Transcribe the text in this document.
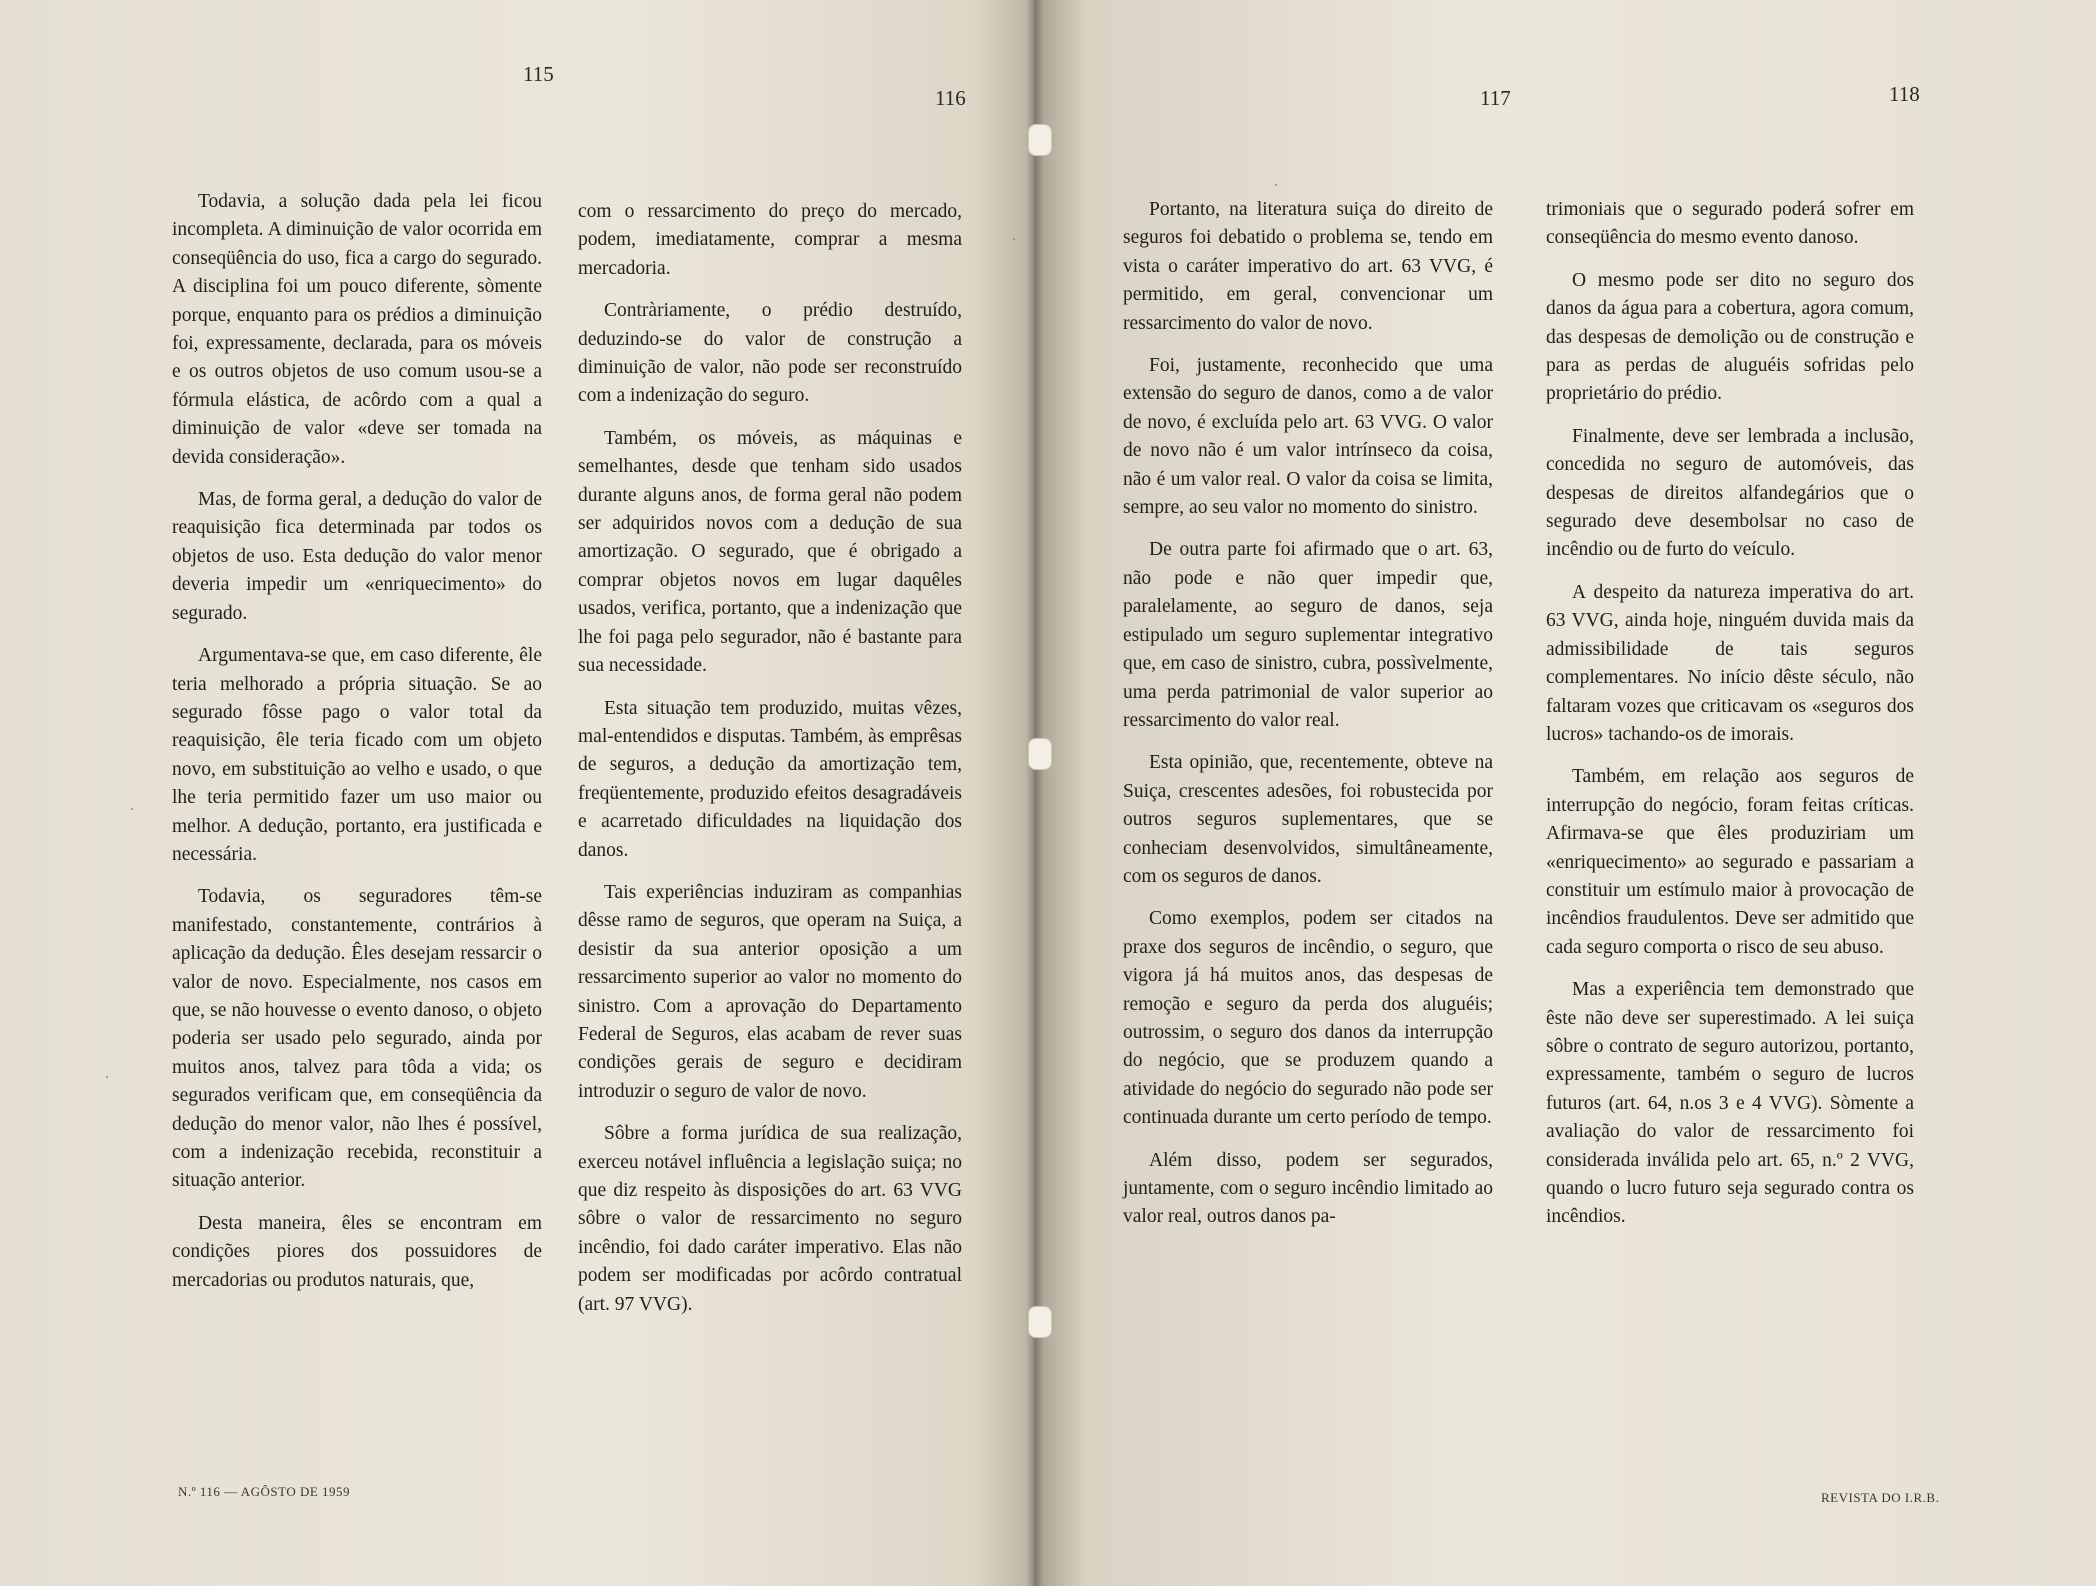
115
116

Todavia, a solução dada pela lei ficou incompleta. A diminuição de valor ocorrida em conseqüência do uso, fica a cargo do segurado. A disciplina foi um pouco diferente, sòmente porque, enquanto para os prédios a diminuição foi, expressamente, declarada, para os móveis e os outros objetos de uso comum usou-se a fórmula elástica, de acôrdo com a qual a diminuição de valor «deve ser tomada na devida consideração».

Mas, de forma geral, a dedução do valor de reaquisição fica determinada par todos os objetos de uso. Esta dedução do valor menor deveria impedir um «enriquecimento» do segurado.

Argumentava-se que, em caso diferente, êle teria melhorado a própria situação. Se ao segurado fôsse pago o valor total da reaquisição, êle teria ficado com um objeto novo, em substituição ao velho e usado, o que lhe teria permitido fazer um uso maior ou melhor. A dedução, portanto, era justificada e necessária.

Todavia, os seguradores têm-se manifestado, constantemente, contrários à aplicação da dedução. Êles desejam ressarcir o valor de novo. Especialmente, nos casos em que, se não houvesse o evento danoso, o objeto poderia ser usado pelo segurado, ainda por muitos anos, talvez para tôda a vida; os segurados verificam que, em conseqüência da dedução do menor valor, não lhes é possível, com a indenização recebida, reconstituir a situação anterior.

Desta maneira, êles se encontram em condições piores dos possuidores de mercadorias ou produtos naturais, que,

com o ressarcimento do preço do mercado, podem, imediatamente, comprar a mesma mercadoria.

Contràriamente, o prédio destruído, deduzindo-se do valor de construção a diminuição de valor, não pode ser reconstruído com a indenização do seguro.

Também, os móveis, as máquinas e semelhantes, desde que tenham sido usados durante alguns anos, de forma geral não podem ser adquiridos novos com a dedução de sua amortização. O segurado, que é obrigado a comprar objetos novos em lugar daquêles usados, verifica, portanto, que a indenização que lhe foi paga pelo segurador, não é bastante para sua necessidade.

Esta situação tem produzido, muitas vêzes, mal-entendidos e disputas. Também, às emprêsas de seguros, a dedução da amortização tem, freqüentemente, produzido efeitos desagradáveis e acarretado dificuldades na liquidação dos danos.

Tais experiências induziram as companhias dêsse ramo de seguros, que operam na Suiça, a desistir da sua anterior oposição a um ressarcimento superior ao valor no momento do sinistro. Com a aprovação do Departamento Federal de Seguros, elas acabam de rever suas condições gerais de seguro e decidiram introduzir o seguro de valor de novo.

Sôbre a forma jurídica de sua realização, exerceu notável influência a legislação suiça; no que diz respeito às disposições do art. 63 VVG sôbre o valor de ressarcimento no seguro incêndio, foi dado caráter imperativo. Elas não podem ser modificadas por acôrdo contratual (art. 97 VVG).

·
·
·
N.º 116 — AGÔSTO DE 1959
117	118

Portanto, na literatura suiça do direito de seguros foi debatido o problema se, tendo em vista o caráter imperativo do art. 63 VVG, é permitido, em geral, convencionar um ressarcimento do valor de novo.

Foi, justamente, reconhecido que uma extensão do seguro de danos, como a de valor de novo, é excluída pelo art. 63 VVG. O valor de novo não é um valor intrínseco da coisa, não é um valor real. O valor da coisa se limita, sempre, ao seu valor no momento do sinistro.

De outra parte foi afirmado que o art. 63, não pode e não quer impedir que, paralelamente, ao seguro de danos, seja estipulado um seguro suplementar integrativo que, em caso de sinistro, cubra, possìvelmente, uma perda patrimonial de valor superior ao ressarcimento do valor real.

Esta opinião, que, recentemente, obteve na Suiça, crescentes adesões, foi robustecida por outros seguros suplementares, que se conheciam desenvolvidos, simultâneamente, com os seguros de danos.

Como exemplos, podem ser citados na praxe dos seguros de incêndio, o seguro, que vigora já há muitos anos, das despesas de remoção e seguro da perda dos aluguéis; outrossim, o seguro dos danos da interrupção do negócio, que se produzem quando a atividade do negócio do segurado não pode ser continuada durante um certo período de tempo.

Além disso, podem ser segurados, juntamente, com o seguro incêndio limitado ao valor real, outros danos pa-

trimoniais que o segurado poderá sofrer em conseqüência do mesmo evento danoso.

O mesmo pode ser dito no seguro dos danos da água para a cobertura, agora comum, das despesas de demolição ou de construção e para as perdas de aluguéis sofridas pelo proprietário do prédio.

Finalmente, deve ser lembrada a inclusão, concedida no seguro de automóveis, das despesas de direitos alfandegários que o segurado deve desembolsar no caso de incêndio ou de furto do veículo.

A despeito da natureza imperativa do art. 63 VVG, ainda hoje, ninguém duvida mais da admissibilidade de tais seguros complementares. No início dêste século, não faltaram vozes que criticavam os «seguros dos lucros» tachando-os de imorais.

Também, em relação aos seguros de interrupção do negócio, foram feitas críticas. Afirmava-se que êles produziriam um «enriquecimento» ao segurado e passariam a constituir um estímulo maior à provocação de incêndios fraudulentos. Deve ser admitido que cada seguro comporta o risco de seu abuso.

Mas a experiência tem demonstrado que êste não deve ser superestimado. A lei suiça sôbre o contrato de seguro autorizou, portanto, expressamente, também o seguro de lucros futuros (art. 64, n.os 3 e 4 VVG). Sòmente a avaliação do valor de ressarcimento foi considerada inválida pelo art. 65, n.º 2 VVG, quando o lucro futuro seja segurado contra os incêndios.

·
REVISTA DO I.R.B.
